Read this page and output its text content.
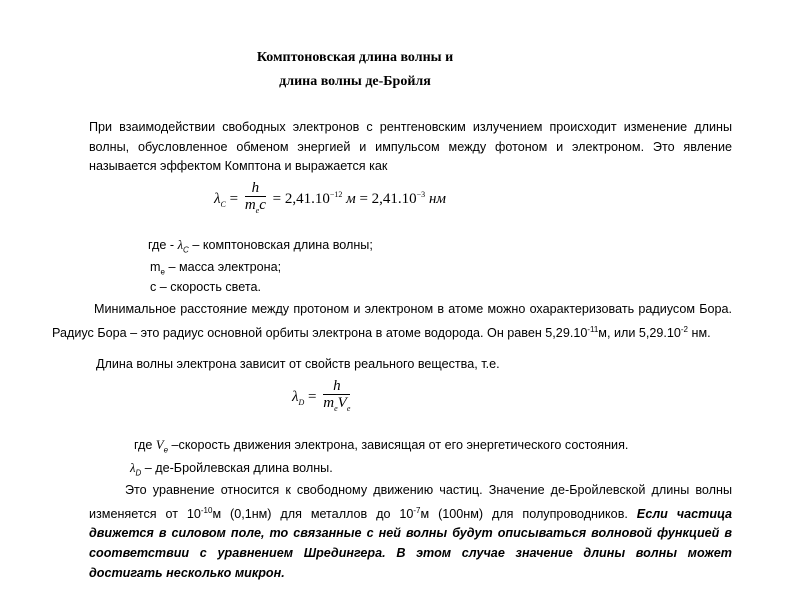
Комптоновская длина волны и
длина волны де-Бройля
При взаимодействии свободных электронов с рентгеновским излучением происходит изменение длины волны, обусловленное обменом энергией и импульсом между фотоном и электроном. Это явление называется эффектом Комптона и выражается как
$\lambda_C = \frac{h}{m_ec} = 2,41.10^{-12}$ $м = 2,41.10^{-3}$ нм
где - $\lambda_C$ – комптоновская длина волны;
$m_e$ – масса электрона;
с – скорость света.
Минимальное расстояние между протоном и электроном в атоме можно охарактеризовать радиусом Бора. Радиус Бора – это радиус основной орбиты электрона в атоме водорода. Он равен $5,29.10^{-11}м$, или $5,29.10^{-2}$ нм.
Длина волны электрона зависит от свойств реального вещества, т.е.
$\lambda_D = \frac{h}{m_eV_e}$
где $V_e$ –скорость движения электрона, зависящая от его энергетического состояния.
$\lambda_D$ – де-Бройлевская длина волны.
Это уравнение относится к свободному движению частиц. Значение де-Бройлевской длины волны изменяется от $10^{-10}м$ (0,1нм) для металлов до $10^{-7}м$ (100нм) для полупроводников. Если частица движется в силовом поле, то связанные с ней волны будут описываться волновой функцией в соответствии с уравнением Шредингера. В этом случае значение длины волны может достигать несколько микрон.
